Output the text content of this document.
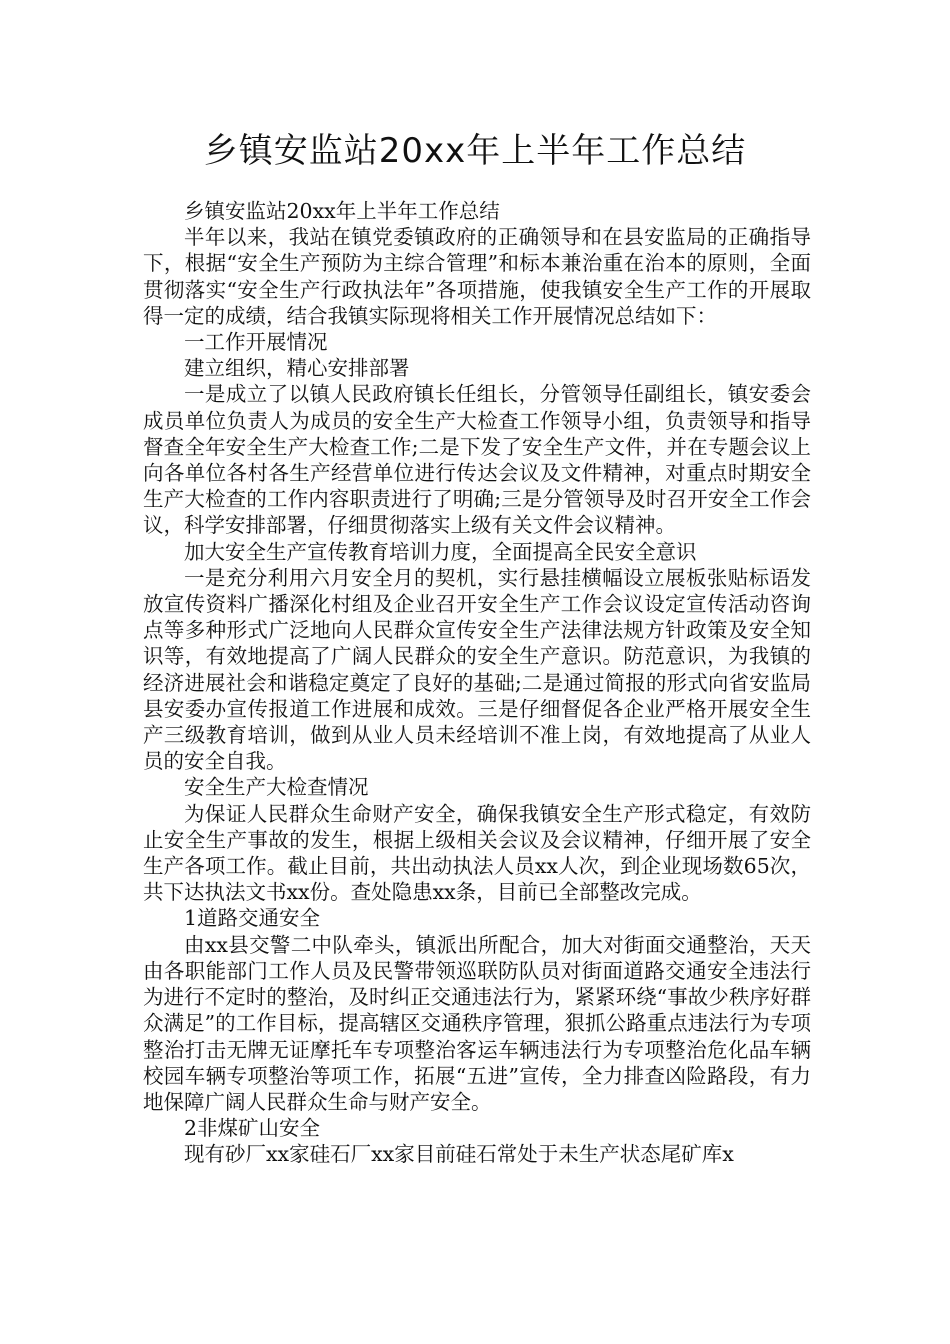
乡镇安监站20xx年上半年工作总结

乡镇安监站20xx年上半年工作总结

半年以来，我站在镇党委镇政府的正确领导和在县安监局的正确指导下，根据“安全生产预防为主综合管理”和标本兼治重在治本的原则，全面贯彻落实“安全生产行政执法年”各项措施，使我镇安全生产工作的开展取得一定的成绩，结合我镇实际现将相关工作开展情况总结如下：

一工作开展情况

建立组织，精心安排部署

一是成立了以镇人民政府镇长任组长，分管领导任副组长，镇安委会成员单位负责人为成员的安全生产大检查工作领导小组，负责领导和指导督查全年安全生产大检查工作;二是下发了安全生产文件，并在专题会议上向各单位各村各生产经营单位进行传达会议及文件精神，对重点时期安全生产大检查的工作内容职责进行了明确;三是分管领导及时召开安全工作会议，科学安排部署，仔细贯彻落实上级有关文件会议精神。

加大安全生产宣传教育培训力度，全面提高全民安全意识

一是充分利用六月安全月的契机，实行悬挂横幅设立展板张贴标语发放宣传资料广播深化村组及企业召开安全生产工作会议设定宣传活动咨询点等多种形式广泛地向人民群众宣传安全生产法律法规方针政策及安全知识等，有效地提高了广阔人民群众的安全生产意识。防范意识，为我镇的经济进展社会和谐稳定奠定了良好的基础;二是通过简报的形式向省安监局县安委办宣传报道工作进展和成效。三是仔细督促各企业严格开展安全生产三级教育培训，做到从业人员未经培训不准上岗，有效地提高了从业人员的安全自我。

安全生产大检查情况

为保证人民群众生命财产安全，确保我镇安全生产形式稳定，有效防止安全生产事故的发生，根据上级相关会议及会议精神，仔细开展了安全生产各项工作。截止目前，共出动执法人员xx人次，到企业现场数65次，共下达执法文书xx份。查处隐患xx条，目前已全部整改完成。

1道路交通安全

由xx县交警二中队牵头，镇派出所配合，加大对街面交通整治，天天由各职能部门工作人员及民警带领巡联防队员对街面道路交通安全违法行为进行不定时的整治，及时纠正交通违法行为，紧紧环绕“事故少秩序好群众满足”的工作目标，提高辖区交通秩序管理，狠抓公路重点违法行为专项整治打击无牌无证摩托车专项整治客运车辆违法行为专项整治危化品车辆校园车辆专项整治等项工作，拓展“五进”宣传，全力排查凶险路段，有力地保障广阔人民群众生命与财产安全。

2非煤矿山安全

现有砂厂xx家硅石厂xx家目前硅石常处于未生产状态尾矿库x
